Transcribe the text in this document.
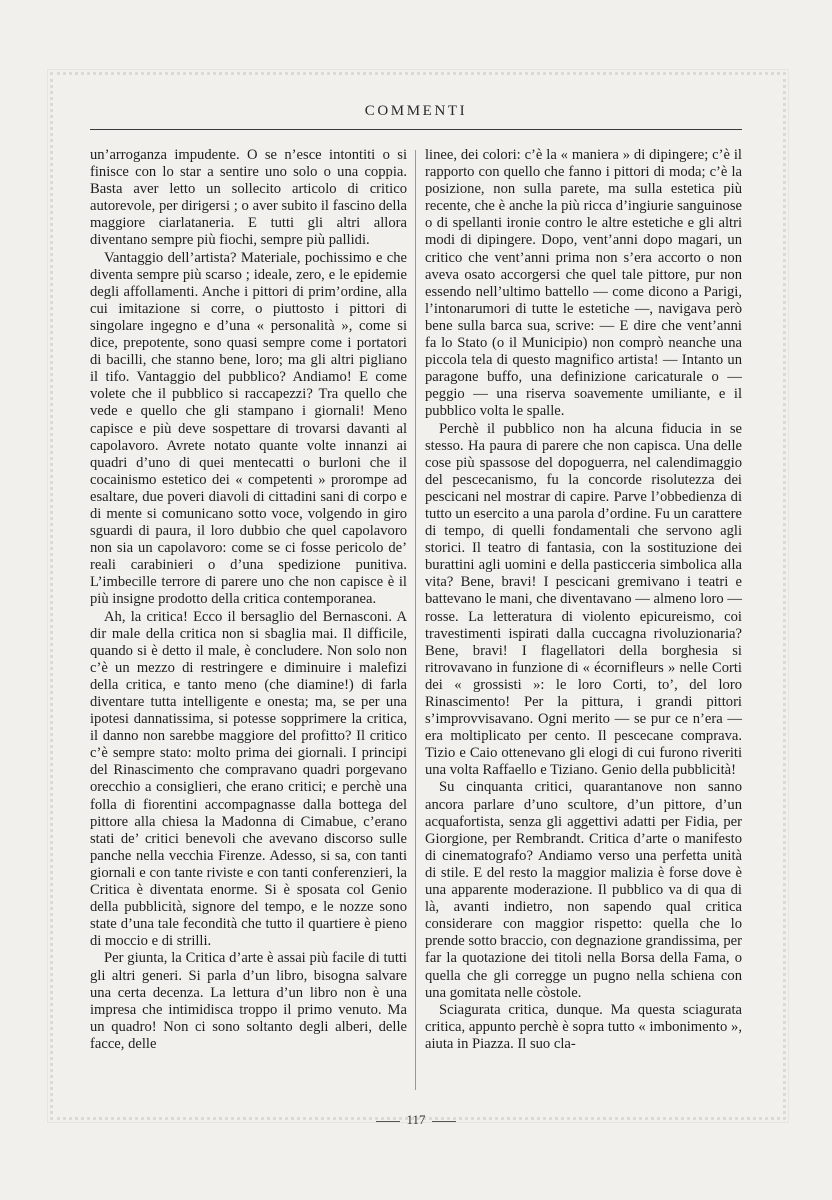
COMMENTI

un’arroganza impudente. O se n’esce intontiti o si finisce con lo star a sentire uno solo o una coppia. Basta aver letto un sollecito articolo di critico autorevole, per dirigersi ; o aver subito il fascino della maggiore ciarlataneria. E tutti gli altri allora diventano sempre più fiochi, sempre più pallidi.

Vantaggio dell’artista? Materiale, pochissimo e che diventa sempre più scarso ; ideale, zero, e le epidemie degli affollamenti. Anche i pittori di prim’ordine, alla cui imitazione si corre, o piuttosto i pittori di singolare ingegno e d’una « personalità », come si dice, prepotente, sono quasi sempre come i portatori di bacilli, che stanno bene, loro; ma gli altri pigliano il tifo. Vantaggio del pubblico? Andiamo! E come volete che il pubblico si raccapezzi? Tra quello che vede e quello che gli stampano i giornali! Meno capisce e più deve sospettare di trovarsi davanti al capolavoro. Avrete notato quante volte innanzi ai quadri d’uno di quei mentecatti o burloni che il cocainismo estetico dei « competenti » prorompe ad esaltare, due poveri diavoli di cittadini sani di corpo e di mente si comunicano sotto voce, volgendo in giro sguardi di paura, il loro dubbio che quel capolavoro non sia un capolavoro: come se ci fosse pericolo de’ reali carabinieri o d’una spedizione punitiva. L’imbecille terrore di parere uno che non capisce è il più insigne prodotto della critica contemporanea.

Ah, la critica! Ecco il bersaglio del Bernasconi. A dir male della critica non si sbaglia mai. Il difficile, quando si è detto il male, è concludere. Non solo non c’è un mezzo di restringere e diminuire i malefizi della critica, e tanto meno (che diamine!) di farla diventare tutta intelligente e onesta; ma, se per una ipotesi dannatissima, si potesse sopprimere la critica, il danno non sarebbe maggiore del profitto? Il critico c’è sempre stato: molto prima dei giornali. I principi del Rinascimento che compravano quadri porgevano orecchio a consiglieri, che erano critici; e perchè una folla di fiorentini accompagnasse dalla bottega del pittore alla chiesa la Madonna di Cimabue, c’erano stati de’ critici benevoli che avevano discorso sulle panche nella vecchia Firenze. Adesso, si sa, con tanti giornali e con tante riviste e con tanti conferenzieri, la Critica è diventata enorme. Si è sposata col Genio della pubblicità, signore del tempo, e le nozze sono state d’una tale fecondità che tutto il quartiere è pieno di moccio e di strilli.

Per giunta, la Critica d’arte è assai più facile di tutti gli altri generi. Si parla d’un libro, bisogna salvare una certa decenza. La lettura d’un libro non è una impresa che intimidisca troppo il primo venuto. Ma un quadro! Non ci sono soltanto degli alberi, delle facce, delle

linee, dei colori: c’è la « maniera » di dipingere; c’è il rapporto con quello che fanno i pittori di moda; c’è la posizione, non sulla parete, ma sulla estetica più recente, che è anche la più ricca d’ingiurie sanguinose o di spellanti ironie contro le altre estetiche e gli altri modi di dipingere. Dopo, vent’anni dopo magari, un critico che vent’anni prima non s’era accorto o non aveva osato accorgersi che quel tale pittore, pur non essendo nell’ultimo battello — come dicono a Parigi, l’intonarumori di tutte le estetiche —, navigava però bene sulla barca sua, scrive: — E dire che vent’anni fa lo Stato (o il Municipio) non comprò neanche una piccola tela di questo magnifico artista! — Intanto un paragone buffo, una definizione caricaturale o — peggio — una riserva soavemente umiliante, e il pubblico volta le spalle.

Perchè il pubblico non ha alcuna fiducia in se stesso. Ha paura di parere che non capisca. Una delle cose più spassose del dopoguerra, nel calendimaggio del pescecanismo, fu la concorde risolutezza dei pescicani nel mostrar di capire. Parve l’obbedienza di tutto un esercito a una parola d’ordine. Fu un carattere di tempo, di quelli fondamentali che servono agli storici. Il teatro di fantasia, con la sostituzione dei burattini agli uomini e della pasticceria simbolica alla vita? Bene, bravi! I pescicani gremivano i teatri e battevano le mani, che diventavano — almeno loro — rosse. La letteratura di violento epicureismo, coi travestimenti ispirati dalla cuccagna rivoluzionaria? Bene, bravi! I flagellatori della borghesia si ritrovavano in funzione di « écornifleurs » nelle Corti dei « grossisti »: le loro Corti, to’, del loro Rinascimento! Per la pittura, i grandi pittori s’improvvisavano. Ogni merito — se pur ce n’era — era moltiplicato per cento. Il pescecane comprava. Tizio e Caio ottenevano gli elogi di cui furono riveriti una volta Raffaello e Tiziano. Genio della pubblicità!

Su cinquanta critici, quarantanove non sanno ancora parlare d’uno scultore, d’un pittore, d’un acquafortista, senza gli aggettivi adatti per Fidia, per Giorgione, per Rembrandt. Critica d’arte o manifesto di cinematografo? Andiamo verso una perfetta unità di stile. E del resto la maggior malizia è forse dove è una apparente moderazione. Il pubblico va di qua di là, avanti indietro, non sapendo qual critica considerare con maggior rispetto: quella che lo prende sotto braccio, con degnazione grandissima, per far la quotazione dei titoli nella Borsa della Fama, o quella che gli corregge un pugno nella schiena con una gomitata nelle còstole.

Sciagurata critica, dunque. Ma questa sciagurata critica, appunto perchè è sopra tutto « imbonimento », aiuta in Piazza. Il suo cla-

117
